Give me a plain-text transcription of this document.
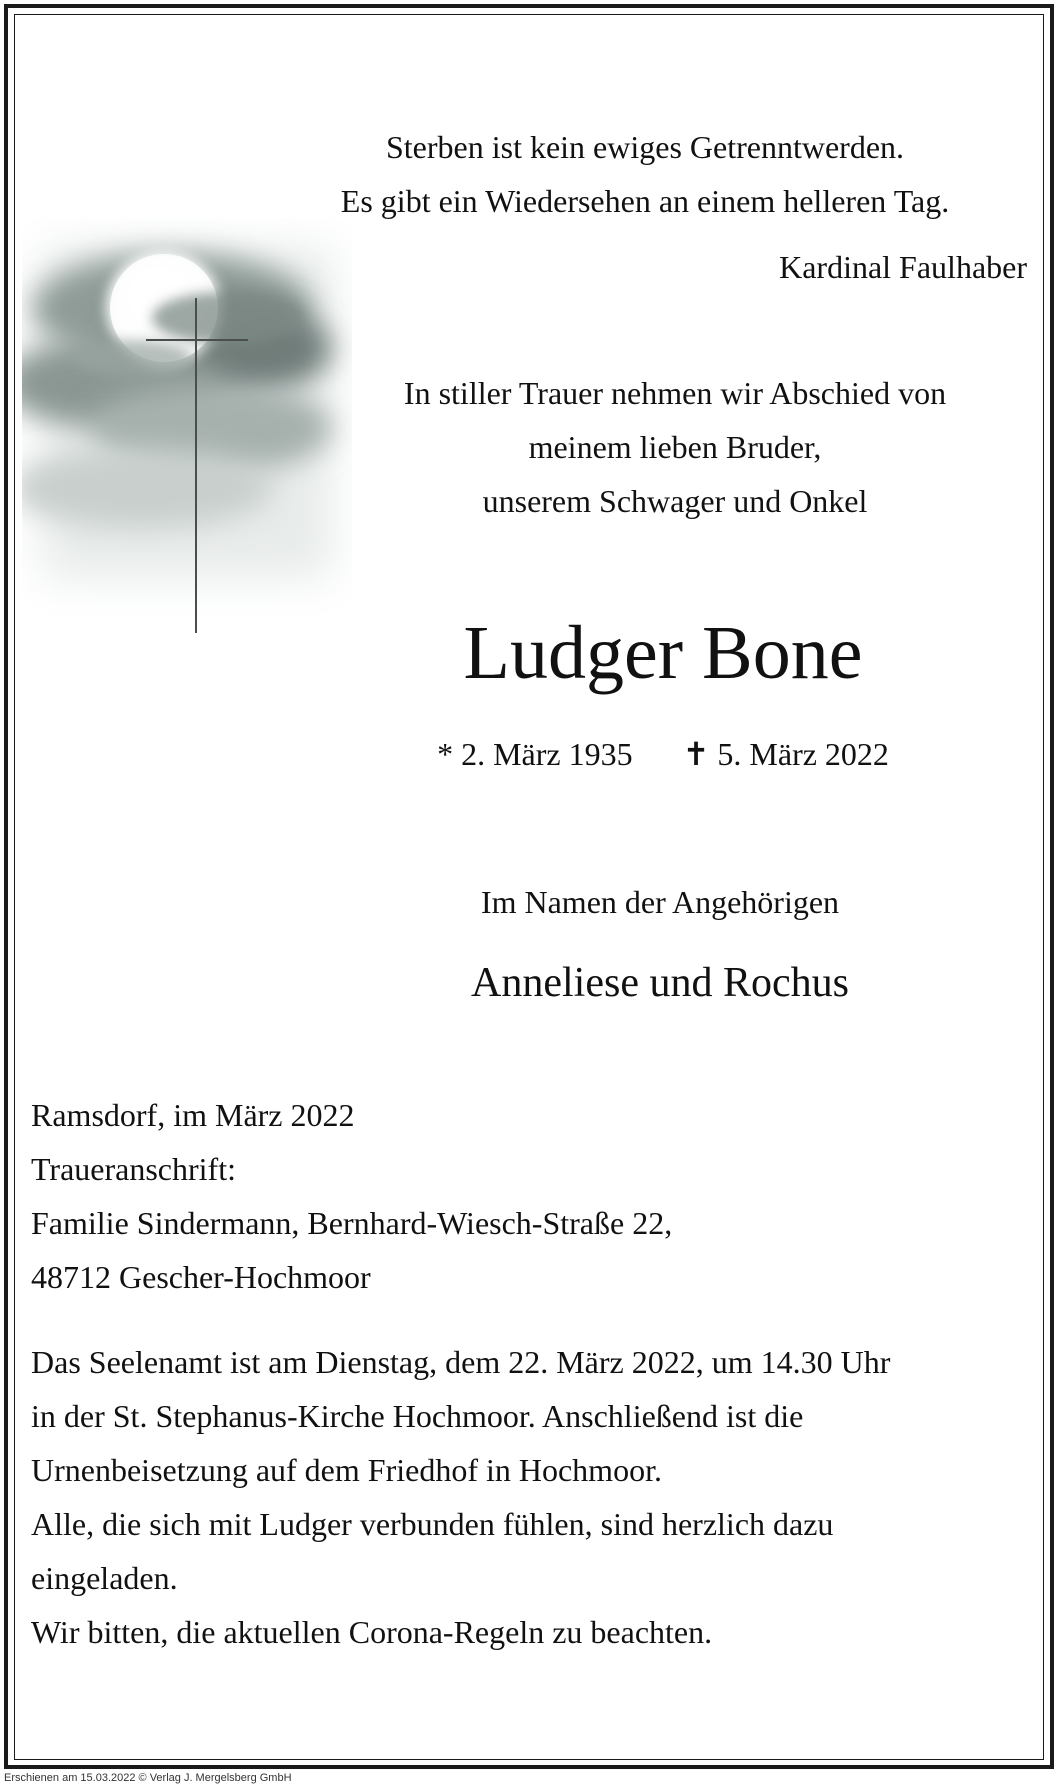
Sterben ist kein ewiges Getrenntwerden.
Es gibt ein Wiedersehen an einem helleren Tag.
Kardinal Faulhaber
In stiller Trauer nehmen wir Abschied von
meinem lieben Bruder,
unserem Schwager und Onkel
Ludger Bone
* 2. März 1935 ✝ 5. März 2022
Im Namen der Angehörigen
Anneliese und Rochus
Ramsdorf, im März 2022
Traueranschrift:
Familie Sindermann, Bernhard-Wiesch-Straße 22,
48712 Gescher-Hochmoor
Das Seelenamt ist am Dienstag, dem 22. März 2022, um 14.30 Uhr
in der St. Stephanus-Kirche Hochmoor. Anschließend ist die
Urnenbeisetzung auf dem Friedhof in Hochmoor.
Alle, die sich mit Ludger verbunden fühlen, sind herzlich dazu
eingeladen.
Wir bitten, die aktuellen Corona-Regeln zu beachten.
Erschienen am 15.03.2022 © Verlag J. Mergelsberg GmbH
